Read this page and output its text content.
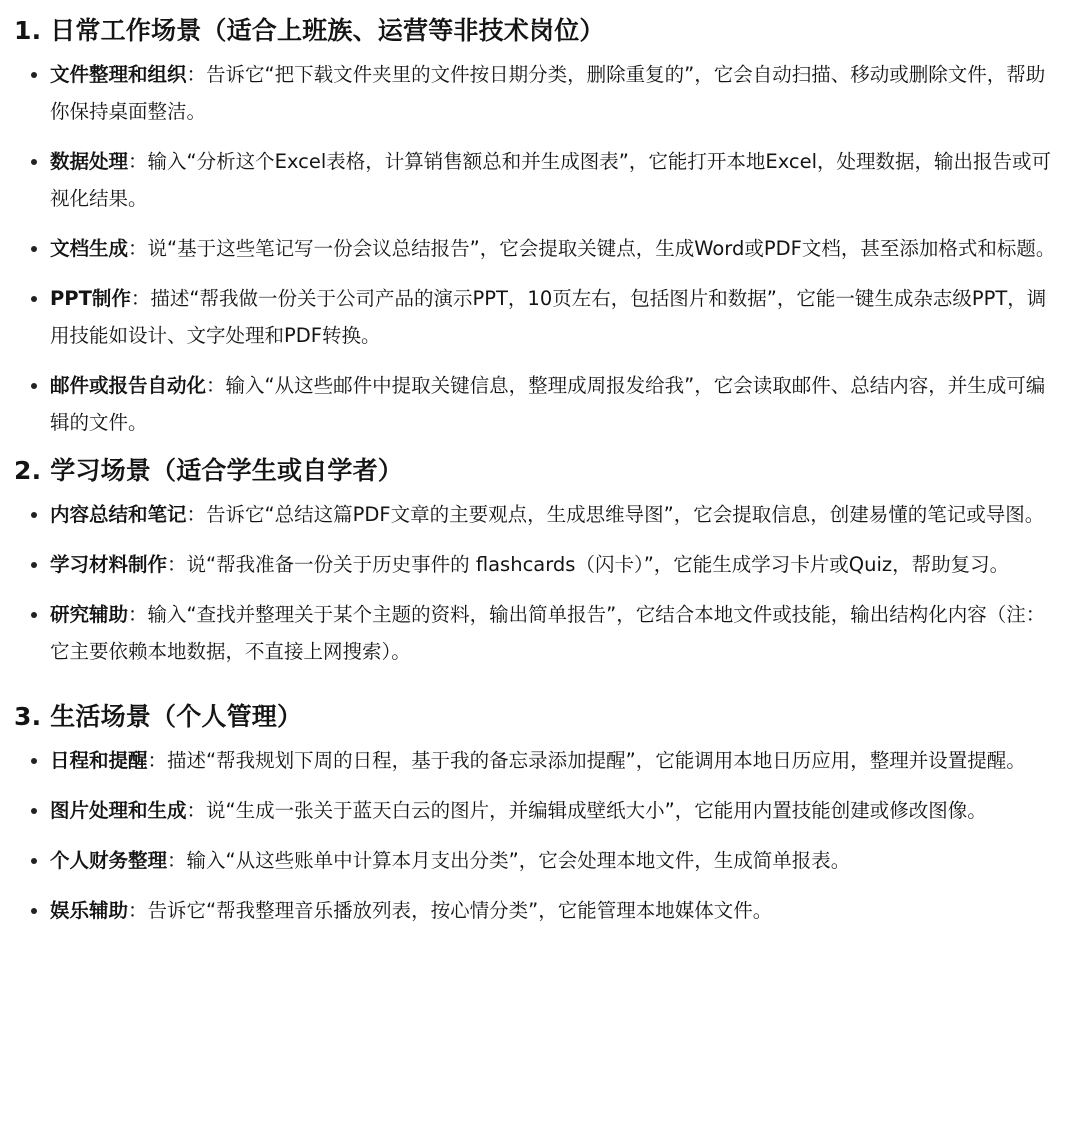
1. 日常工作场景（适合上班族、运营等非技术岗位）
文件整理和组织：告诉它“把下载文件夹里的文件按日期分类，删除重复的”，它会自动扫描、移动或删除文件，帮助你保持桌面整洁。
数据处理：输入“分析这个Excel表格，计算销售额总和并生成图表”，它能打开本地Excel，处理数据，输出报告或可视化结果。
文档生成：说“基于这些笔记写一份会议总结报告”，它会提取关键点，生成Word或PDF文档，甚至添加格式和标题。
PPT制作：描述“帮我做一份关于公司产品的演示PPT，10页左右，包括图片和数据”，它能一键生成杂志级PPT，调用技能如设计、文字处理和PDF转换。
邮件或报告自动化：输入“从这些邮件中提取关键信息，整理成周报发给我”，它会读取邮件、总结内容，并生成可编辑的文件。
2. 学习场景（适合学生或自学者）
内容总结和笔记：告诉它“总结这篇PDF文章的主要观点，生成思维导图”，它会提取信息，创建易懂的笔记或导图。
学习材料制作：说“帮我准备一份关于历史事件的 flashcards（闪卡）”，它能生成学习卡片或Quiz，帮助复习。
研究辅助：输入“查找并整理关于某个主题的资料，输出简单报告”，它结合本地文件或技能，输出结构化内容（注：它主要依赖本地数据，不直接上网搜索）。
3. 生活场景（个人管理）
日程和提醒：描述“帮我规划下周的日程，基于我的备忘录添加提醒”，它能调用本地日历应用，整理并设置提醒。
图片处理和生成：说“生成一张关于蓝天白云的图片，并编辑成壁纸大小”，它能用内置技能创建或修改图像。
个人财务整理：输入“从这些账单中计算本月支出分类”，它会处理本地文件，生成简单报表。
娱乐辅助：告诉它“帮我整理音乐播放列表，按心情分类”，它能管理本地媒体文件。
